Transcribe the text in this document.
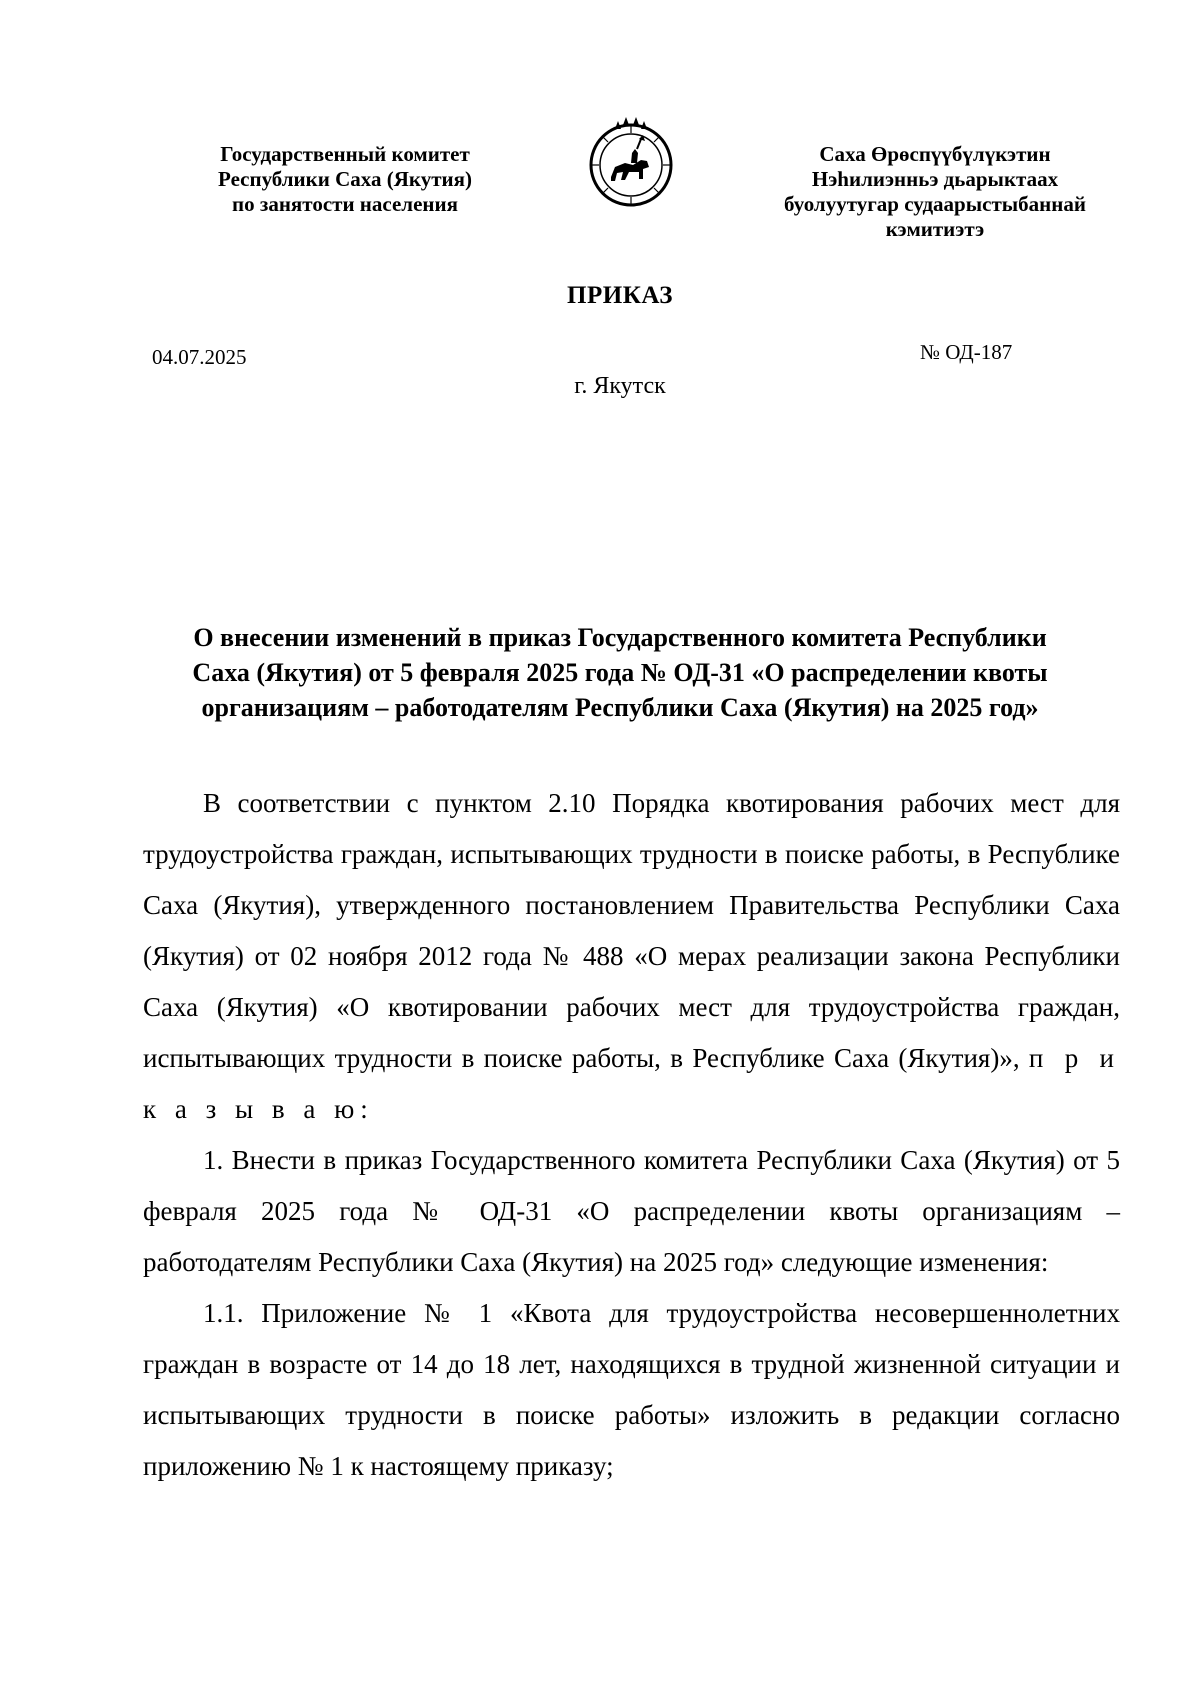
Государственный комитет
Республики Саха (Якутия)
по занятости населения
Саха Өрөспүүбүлүкэтин
Нэһилиэнньэ дьарыктаах
буолуутугар судаарыстыбаннай
кэмитиэтэ
ПРИКАЗ
04.07.2025	№ ОД-187
г. Якутск
О внесении изменений в приказ Государственного комитета Республики
Саха (Якутия) от 5 февраля 2025 года № ОД-31 «О распределении квоты
организациям – работодателям Республики Саха (Якутия) на 2025 год»

В соответствии с пунктом 2.10 Порядка квотирования рабочих мест для трудоустройства граждан, испытывающих трудности в поиске работы, в Республике Саха (Якутия), утвержденного постановлением Правительства Республики Саха (Якутия) от 02 ноября 2012 года № 488 «О мерах реализации закона Республики Саха (Якутия) «О квотировании рабочих мест для трудоустройства граждан, испытывающих трудности в поиске работы, в Республике Саха (Якутия)», п р и к а з ы в а ю:

1. Внести в приказ Государственного комитета Республики Саха (Якутия) от 5 февраля 2025 года № ОД-31 «О распределении квоты организациям – работодателям Республики Саха (Якутия) на 2025 год» следующие изменения:

1.1. Приложение № 1 «Квота для трудоустройства несовершеннолетних граждан в возрасте от 14 до 18 лет, находящихся в трудной жизненной ситуации и испытывающих трудности в поиске работы» изложить в редакции согласно приложению № 1 к настоящему приказу;
